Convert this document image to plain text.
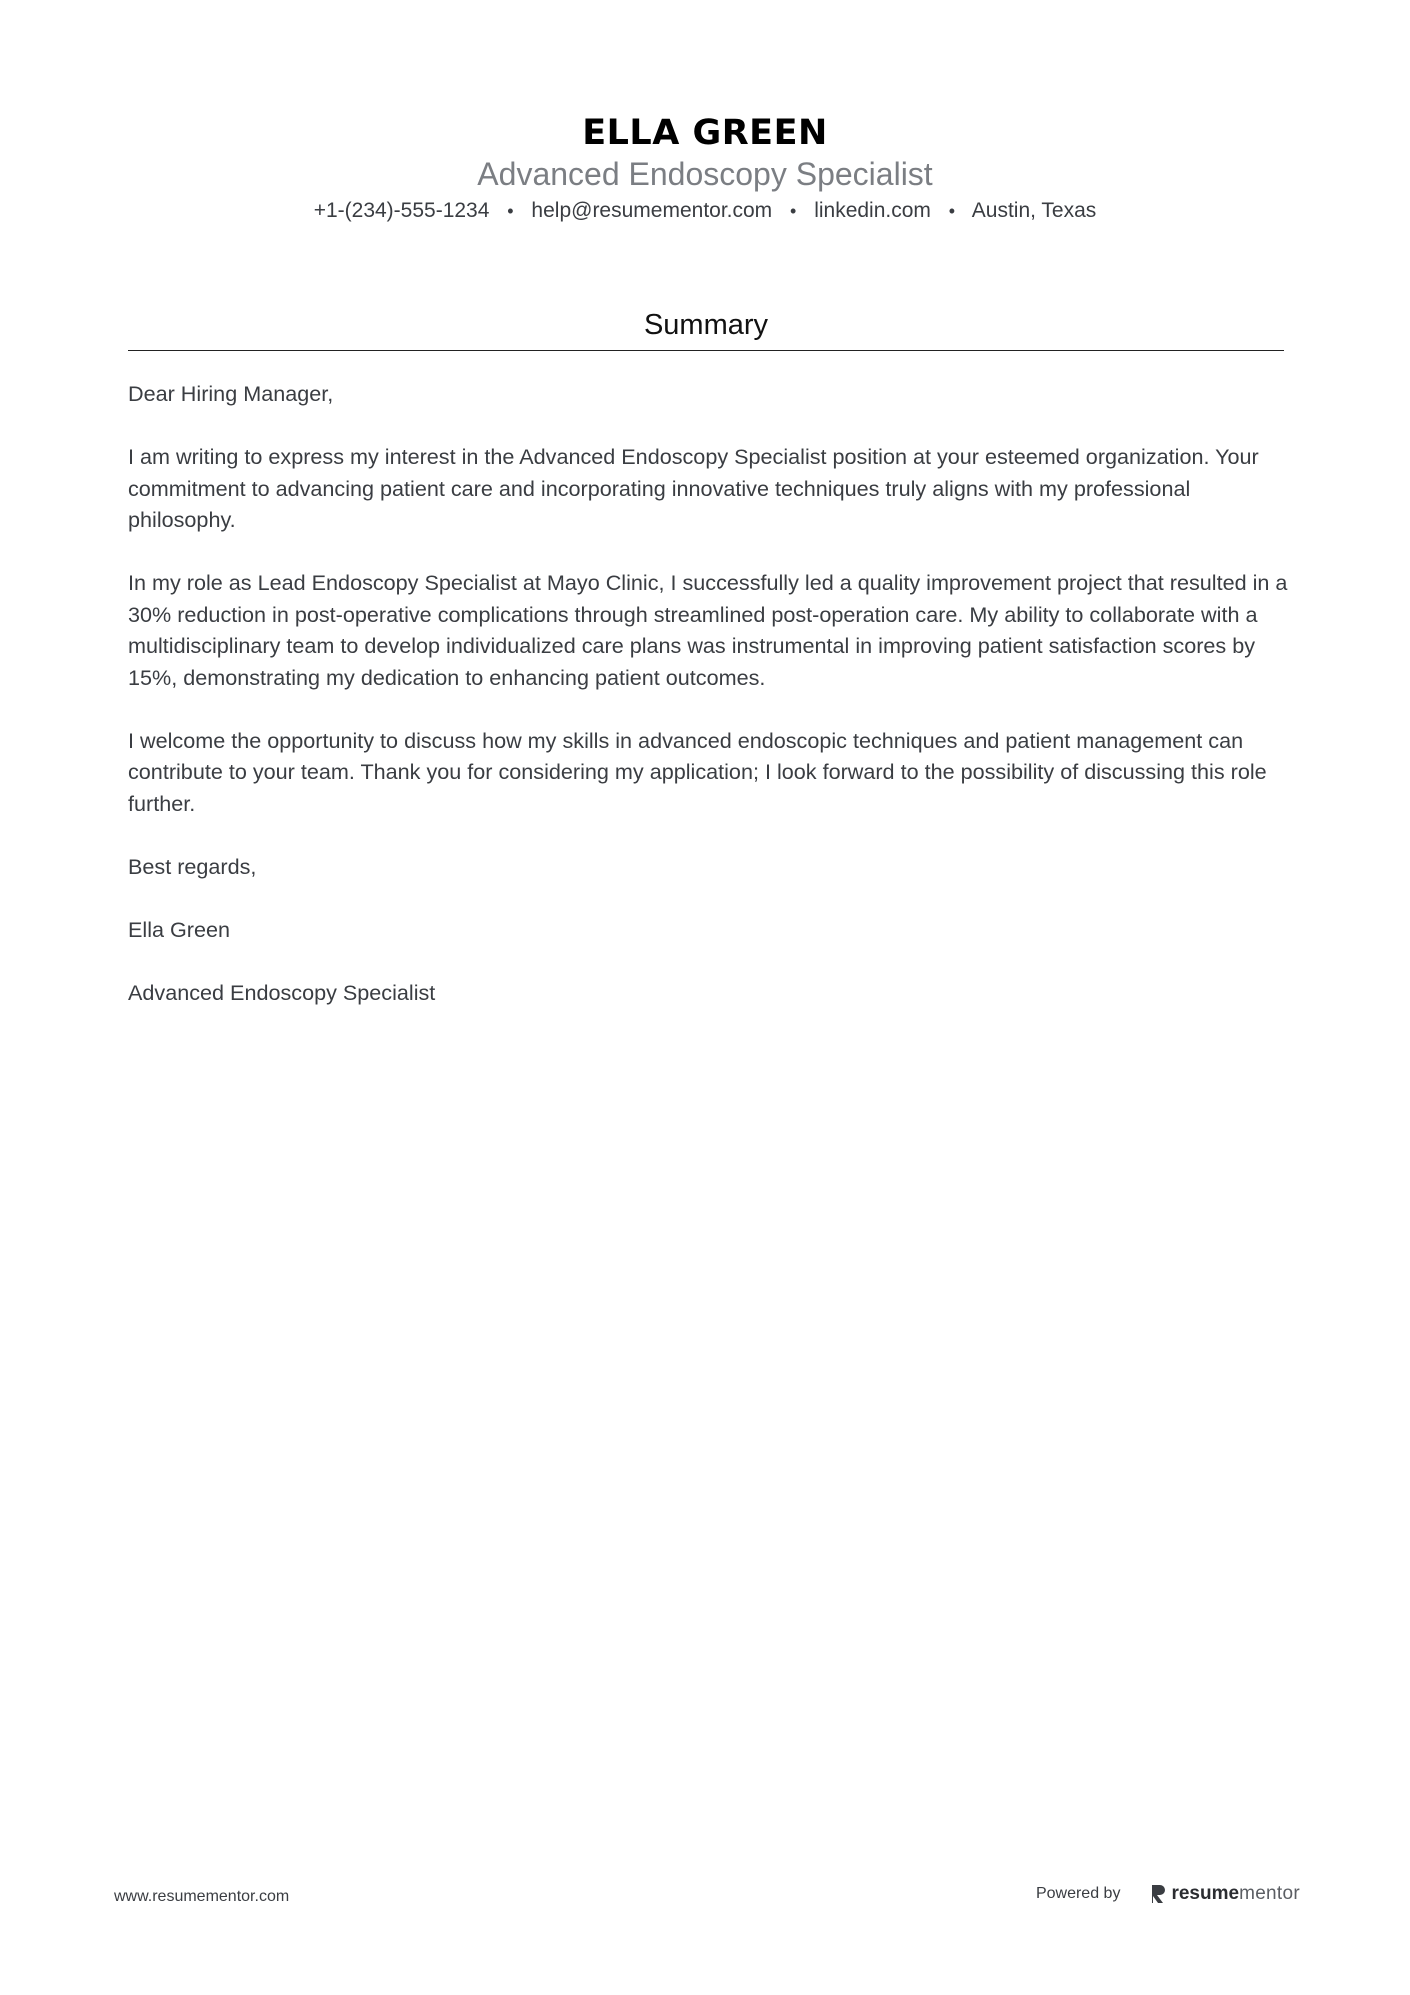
ELLA GREEN
Advanced Endoscopy Specialist
+1-(234)-555-1234 • help@resumementor.com • linkedin.com • Austin, Texas
Summary

Dear Hiring Manager,

I am writing to express my interest in the Advanced Endoscopy Specialist position at your esteemed organization. Your commitment to advancing patient care and incorporating innovative techniques truly aligns with my professional philosophy.

In my role as Lead Endoscopy Specialist at Mayo Clinic, I successfully led a quality improvement project that resulted in a 30% reduction in post-operative complications through streamlined post-operation care. My ability to collaborate with a multidisciplinary team to develop individualized care plans was instrumental in improving patient satisfaction scores by 15%, demonstrating my dedication to enhancing patient outcomes.

I welcome the opportunity to discuss how my skills in advanced endoscopic techniques and patient management can contribute to your team. Thank you for considering my application; I look forward to the possibility of discussing this role further.

Best regards,

Ella Green

Advanced Endoscopy Specialist

www.resumementor.com	Powered by	resume mentor
